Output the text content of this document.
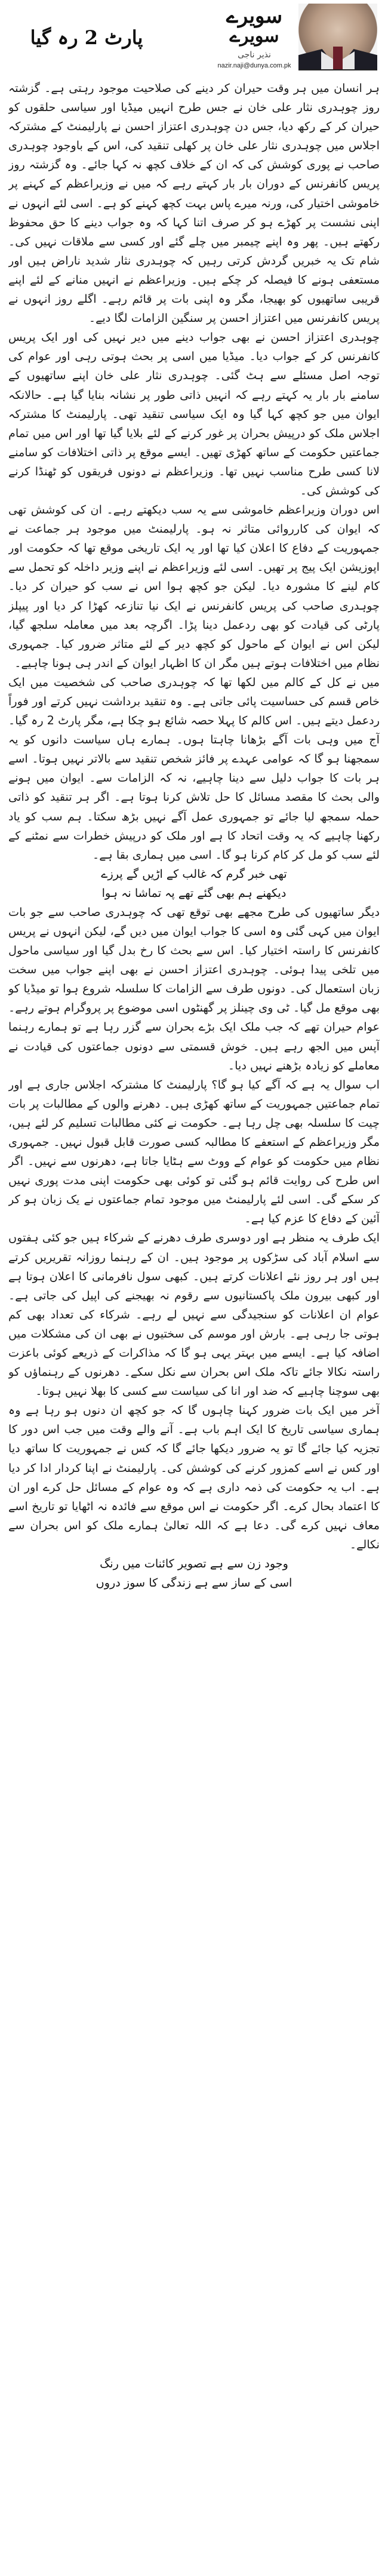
پارٹ 2 رہ گیا
سویرے
سویرے
نذیر ناجی
nazir.naji@dunya.com.pk

ہر انسان میں ہر وقت حیران کر دینے کی صلاحیت موجود رہتی ہے۔ گزشتہ روز چوہدری نثار علی خان نے جس طرح انہیں میڈیا اور سیاسی حلقوں کو حیران کر کے رکھ دیا، جس دن چوہدری اعتزاز احسن نے پارلیمنٹ کے مشترکہ اجلاس میں چوہدری نثار علی خان پر کھلی تنقید کی، اس کے باوجود چوہدری صاحب نے پوری کوشش کی کہ ان کے خلاف کچھ نہ کہا جائے۔ وہ گزشتہ روز پریس کانفرنس کے دوران بار بار کہتے رہے کہ میں نے وزیراعظم کے کہنے پر خاموشی اختیار کی، ورنہ میرے پاس بہت کچھ کہنے کو ہے۔ اسی لئے انہوں نے اپنی نشست پر کھڑے ہو کر صرف اتنا کہا کہ وہ جواب دینے کا حق محفوظ رکھتے ہیں۔ پھر وہ اپنے چیمبر میں چلے گئے اور کسی سے ملاقات نہیں کی۔ شام تک یہ خبریں گردش کرتی رہیں کہ چوہدری نثار شدید ناراض ہیں اور مستعفی ہونے کا فیصلہ کر چکے ہیں۔ وزیراعظم نے انہیں منانے کے لئے اپنے قریبی ساتھیوں کو بھیجا، مگر وہ اپنی بات پر قائم رہے۔ اگلے روز انہوں نے پریس کانفرنس میں اعتزاز احسن پر سنگین الزامات لگا دیے۔

چوہدری اعتزاز احسن نے بھی جواب دینے میں دیر نہیں کی اور ایک پریس کانفرنس کر کے جواب دیا۔ میڈیا میں اسی پر بحث ہوتی رہی اور عوام کی توجہ اصل مسئلے سے ہٹ گئی۔ چوہدری نثار علی خان اپنے ساتھیوں کے سامنے بار بار یہ کہتے رہے کہ انہیں ذاتی طور پر نشانہ بنایا گیا ہے۔ حالانکہ ایوان میں جو کچھ کہا گیا وہ ایک سیاسی تنقید تھی۔ پارلیمنٹ کا مشترکہ اجلاس ملک کو درپیش بحران پر غور کرنے کے لئے بلایا گیا تھا اور اس میں تمام جماعتیں حکومت کے ساتھ کھڑی تھیں۔ ایسے موقع پر ذاتی اختلافات کو سامنے لانا کسی طرح مناسب نہیں تھا۔ وزیراعظم نے دونوں فریقوں کو ٹھنڈا کرنے کی کوشش کی۔

اس دوران وزیراعظم خاموشی سے یہ سب دیکھتے رہے۔ ان کی کوشش تھی کہ ایوان کی کارروائی متاثر نہ ہو۔ پارلیمنٹ میں موجود ہر جماعت نے جمہوریت کے دفاع کا اعلان کیا تھا اور یہ ایک تاریخی موقع تھا کہ حکومت اور اپوزیشن ایک پیج پر تھیں۔ اسی لئے وزیراعظم نے اپنے وزیر داخلہ کو تحمل سے کام لینے کا مشورہ دیا۔ لیکن جو کچھ ہوا اس نے سب کو حیران کر دیا۔ چوہدری صاحب کی پریس کانفرنس نے ایک نیا تنازعہ کھڑا کر دیا اور پیپلز پارٹی کی قیادت کو بھی ردعمل دینا پڑا۔ اگرچہ بعد میں معاملہ سلجھ گیا، لیکن اس نے ایوان کے ماحول کو کچھ دیر کے لئے متاثر ضرور کیا۔ جمہوری نظام میں اختلافات ہوتے ہیں مگر ان کا اظہار ایوان کے اندر ہی ہونا چاہیے۔

میں نے کل کے کالم میں لکھا تھا کہ چوہدری صاحب کی شخصیت میں ایک خاص قسم کی حساسیت پائی جاتی ہے۔ وہ تنقید برداشت نہیں کرتے اور فوراً ردعمل دیتے ہیں۔ اس کالم کا پہلا حصہ شائع ہو چکا ہے، مگر پارٹ 2 رہ گیا۔ آج میں وہی بات آگے بڑھانا چاہتا ہوں۔ ہمارے ہاں سیاست دانوں کو یہ سمجھنا ہو گا کہ عوامی عہدے پر فائز شخص تنقید سے بالاتر نہیں ہوتا۔ اسے ہر بات کا جواب دلیل سے دینا چاہیے، نہ کہ الزامات سے۔ ایوان میں ہونے والی بحث کا مقصد مسائل کا حل تلاش کرنا ہوتا ہے۔ اگر ہر تنقید کو ذاتی حملہ سمجھ لیا جائے تو جمہوری عمل آگے نہیں بڑھ سکتا۔ ہم سب کو یاد رکھنا چاہیے کہ یہ وقت اتحاد کا ہے اور ملک کو درپیش خطرات سے نمٹنے کے لئے سب کو مل کر کام کرنا ہو گا۔ اسی میں ہماری بقا ہے۔

تھی خبر گرم کہ غالب کے اڑیں گے پرزے
دیکھنے ہم بھی گئے تھے پہ تماشا نہ ہوا

دیگر ساتھیوں کی طرح مجھے بھی توقع تھی کہ چوہدری صاحب سے جو بات ایوان میں کہی گئی وہ اسی کا جواب ایوان میں دیں گے، لیکن انہوں نے پریس کانفرنس کا راستہ اختیار کیا۔ اس سے بحث کا رخ بدل گیا اور سیاسی ماحول میں تلخی پیدا ہوئی۔ چوہدری اعتزاز احسن نے بھی اپنے جواب میں سخت زبان استعمال کی۔ دونوں طرف سے الزامات کا سلسلہ شروع ہوا تو میڈیا کو بھی موقع مل گیا۔ ٹی وی چینلز پر گھنٹوں اسی موضوع پر پروگرام ہوتے رہے۔ عوام حیران تھے کہ جب ملک ایک بڑے بحران سے گزر رہا ہے تو ہمارے رہنما آپس میں الجھ رہے ہیں۔ خوش قسمتی سے دونوں جماعتوں کی قیادت نے معاملے کو زیادہ بڑھنے نہیں دیا۔

اب سوال یہ ہے کہ آگے کیا ہو گا؟ پارلیمنٹ کا مشترکہ اجلاس جاری ہے اور تمام جماعتیں جمہوریت کے ساتھ کھڑی ہیں۔ دھرنے والوں کے مطالبات پر بات چیت کا سلسلہ بھی چل رہا ہے۔ حکومت نے کئی مطالبات تسلیم کر لئے ہیں، مگر وزیراعظم کے استعفے کا مطالبہ کسی صورت قابل قبول نہیں۔ جمہوری نظام میں حکومت کو عوام کے ووٹ سے ہٹایا جاتا ہے، دھرنوں سے نہیں۔ اگر اس طرح کی روایت قائم ہو گئی تو کوئی بھی حکومت اپنی مدت پوری نہیں کر سکے گی۔ اسی لئے پارلیمنٹ میں موجود تمام جماعتوں نے یک زبان ہو کر آئین کے دفاع کا عزم کیا ہے۔

ایک طرف یہ منظر ہے اور دوسری طرف دھرنے کے شرکاء ہیں جو کئی ہفتوں سے اسلام آباد کی سڑکوں پر موجود ہیں۔ ان کے رہنما روزانہ تقریریں کرتے ہیں اور ہر روز نئے اعلانات کرتے ہیں۔ کبھی سول نافرمانی کا اعلان ہوتا ہے اور کبھی بیرون ملک پاکستانیوں سے رقوم نہ بھیجنے کی اپیل کی جاتی ہے۔ عوام ان اعلانات کو سنجیدگی سے نہیں لے رہے۔ شرکاء کی تعداد بھی کم ہوتی جا رہی ہے۔ بارش اور موسم کی سختیوں نے بھی ان کی مشکلات میں اضافہ کیا ہے۔ ایسے میں بہتر یہی ہو گا کہ مذاکرات کے ذریعے کوئی باعزت راستہ نکالا جائے تاکہ ملک اس بحران سے نکل سکے۔ دھرنوں کے رہنماؤں کو بھی سوچنا چاہیے کہ ضد اور انا کی سیاست سے کسی کا بھلا نہیں ہوتا۔

آخر میں ایک بات ضرور کہنا چاہوں گا کہ جو کچھ ان دنوں ہو رہا ہے وہ ہماری سیاسی تاریخ کا ایک اہم باب ہے۔ آنے والے وقت میں جب اس دور کا تجزیہ کیا جائے گا تو یہ ضرور دیکھا جائے گا کہ کس نے جمہوریت کا ساتھ دیا اور کس نے اسے کمزور کرنے کی کوشش کی۔ پارلیمنٹ نے اپنا کردار ادا کر دیا ہے۔ اب یہ حکومت کی ذمہ داری ہے کہ وہ عوام کے مسائل حل کرے اور ان کا اعتماد بحال کرے۔ اگر حکومت نے اس موقع سے فائدہ نہ اٹھایا تو تاریخ اسے معاف نہیں کرے گی۔ دعا ہے کہ اللہ تعالیٰ ہمارے ملک کو اس بحران سے نکالے۔

وجود زن سے ہے تصویر کائنات میں رنگ
اسی کے ساز سے ہے زندگی کا سوز دروں
